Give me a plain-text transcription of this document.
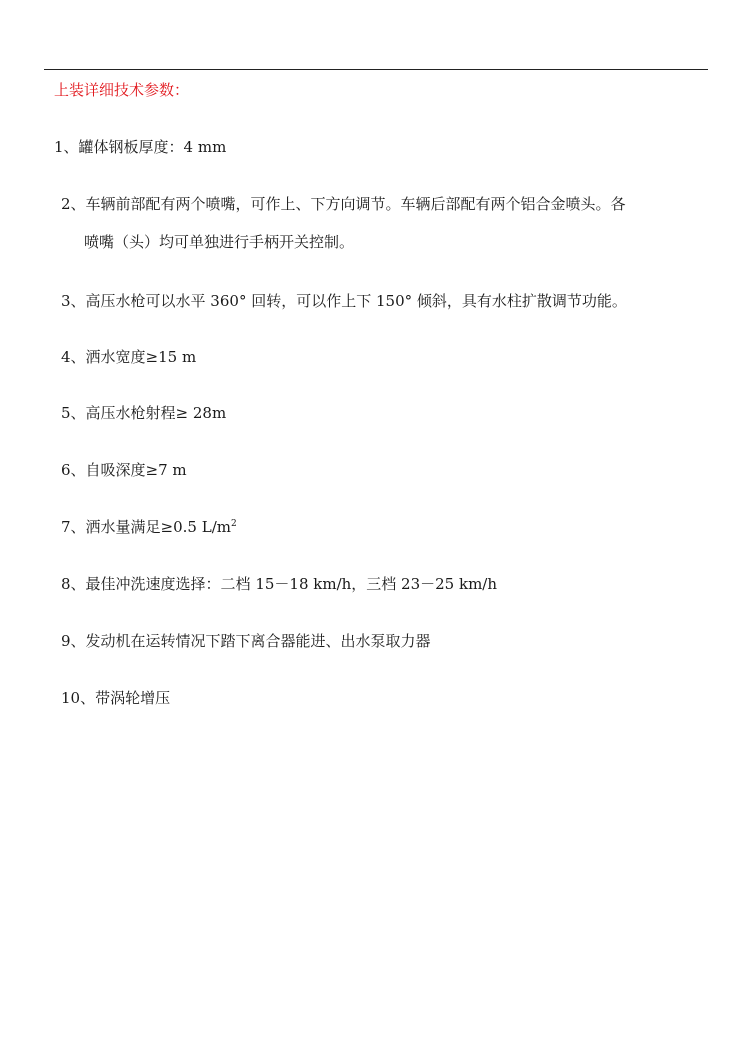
上装详细技术参数：
1、罐体钢板厚度：4 mm
2、车辆前部配有两个喷嘴，可作上、下方向调节。车辆后部配有两个铝合金喷头。各
喷嘴（头）均可单独进行手柄开关控制。
3、高压水枪可以水平 360° 回转，可以作上下 150° 倾斜，具有水柱扩散调节功能。
4、洒水宽度≥15 m
5、高压水枪射程≥ 28m
6、自吸深度≥7 m
7、洒水量满足≥0.5 $L/m^2$
8、最佳冲洗速度选择：二档 15－18 km/h，三档 23－25 km/h
9、发动机在运转情况下踏下离合器能进、出水泵取力器
10、带涡轮增压
